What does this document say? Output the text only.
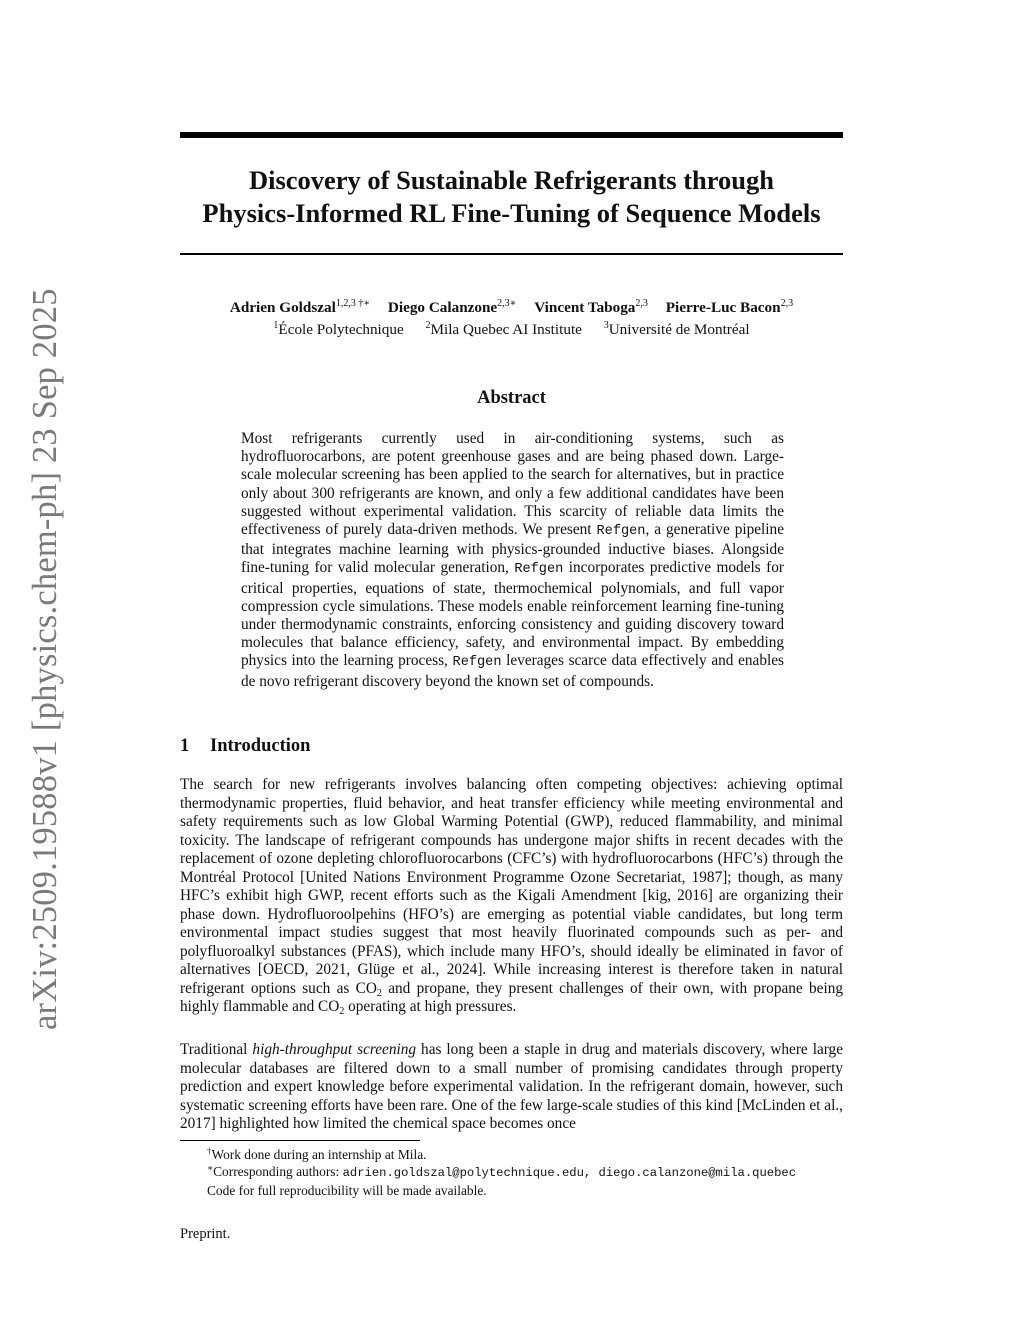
arXiv:2509.19588v1 [physics.chem-ph] 23 Sep 2025
Discovery of Sustainable Refrigerants through
Physics-Informed RL Fine-Tuning of Sequence Models
Adrien Goldszal$^{1,2,3 \dagger∗}$ Diego Calanzone$^{2,3∗}$ Vincent Taboga$^{2,3}$ Pierre-Luc Bacon$^{2,3}$
$^1$École Polytechnique $^2$Mila Quebec AI Institute $^3$Université de Montréal
Abstract

Most refrigerants currently used in air-conditioning systems, such as hydrofluorocarbons, are potent greenhouse gases and are being phased down. Large-scale molecular screening has been applied to the search for alternatives, but in practice only about 300 refrigerants are known, and only a few additional candidates have been suggested without experimental validation. This scarcity of reliable data limits the effectiveness of purely data-driven methods. We present Refgen, a generative pipeline that integrates machine learning with physics-grounded inductive biases. Alongside fine-tuning for valid molecular generation, Refgen incorporates predictive models for critical properties, equations of state, thermochemical polynomials, and full vapor compression cycle simulations. These models enable reinforcement learning fine-tuning under thermodynamic constraints, enforcing consistency and guiding discovery toward molecules that balance efficiency, safety, and environmental impact. By embedding physics into the learning process, Refgen leverages scarce data effectively and enables de novo refrigerant discovery beyond the known set of compounds.

1 Introduction

The search for new refrigerants involves balancing often competing objectives: achieving optimal thermodynamic properties, fluid behavior, and heat transfer efficiency while meeting environmental and safety requirements such as low Global Warming Potential (GWP), reduced flammability, and minimal toxicity. The landscape of refrigerant compounds has undergone major shifts in recent decades with the replacement of ozone depleting chlorofluorocarbons (CFC’s) with hydrofluorocarbons (HFC’s) through the Montréal Protocol [United Nations Environment Programme Ozone Secretariat, 1987]; though, as many HFC’s exhibit high GWP, recent efforts such as the Kigali Amendment [kig, 2016] are organizing their phase down. Hydrofluoroolpehins (HFO’s) are emerging as potential viable candidates, but long term environmental impact studies suggest that most heavily fluorinated compounds such as per- and polyfluoroalkyl substances (PFAS), which include many HFO’s, should ideally be eliminated in favor of alternatives [OECD, 2021, Glüge et al., 2024]. While increasing interest is therefore taken in natural refrigerant options such as $CO_2$ and propane, they present challenges of their own, with propane being highly flammable and $CO_2$ operating at high pressures.

Traditional high-throughput screening has long been a staple in drug and materials discovery, where large molecular databases are filtered down to a small number of promising candidates through property prediction and expert knowledge before experimental validation. In the refrigerant domain, however, such systematic screening efforts have been rare. One of the few large-scale studies of this kind [McLinden et al., 2017] highlighted how limited the chemical space becomes once

†Work done during an internship at Mila.
∗Corresponding authors: adrien.goldszal@polytechnique.edu, diego.calanzone@mila.quebec
Code for full reproducibility will be made available.
Preprint.
